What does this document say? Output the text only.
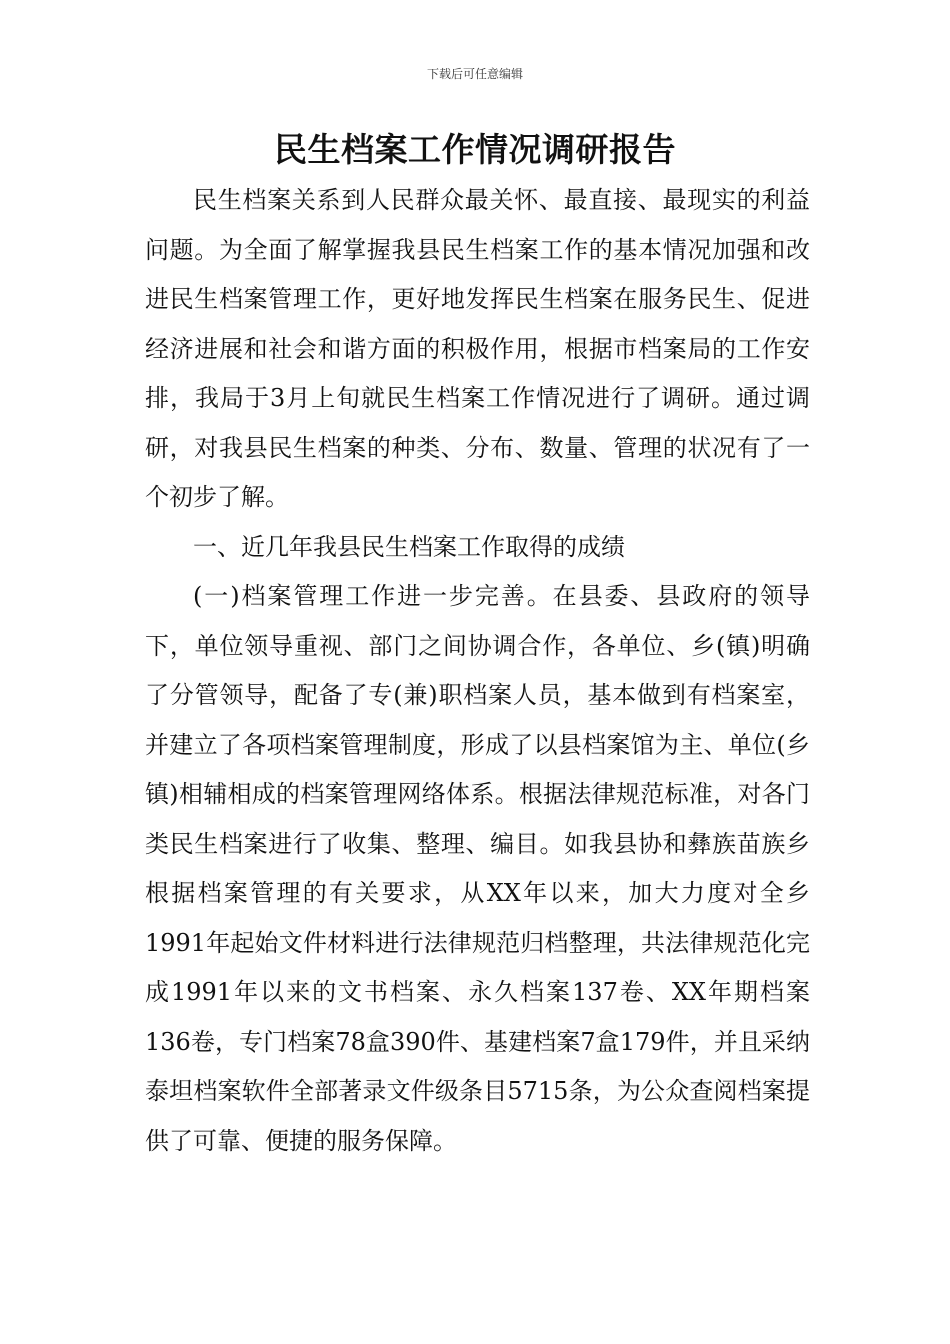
下载后可任意编辑
民生档案工作情况调研报告

民生档案关系到人民群众最关怀、最直接、最现实的利益问题。为全面了解掌握我县民生档案工作的基本情况加强和改进民生档案管理工作，更好地发挥民生档案在服务民生、促进经济进展和社会和谐方面的积极作用，根据市档案局的工作安排，我局于3月上旬就民生档案工作情况进行了调研。通过调研，对我县民生档案的种类、分布、数量、管理的状况有了一个初步了解。

一、近几年我县民生档案工作取得的成绩

(一)档案管理工作进一步完善。在县委、县政府的领导下，单位领导重视、部门之间协调合作，各单位、乡(镇)明确了分管领导，配备了专(兼)职档案人员，基本做到有档案室，并建立了各项档案管理制度，形成了以县档案馆为主、单位(乡镇)相辅相成的档案管理网络体系。根据法律规范标准，对各门类民生档案进行了收集、整理、编目。如我县协和彝族苗族乡根据档案管理的有关要求，从XX年以来，加大力度对全乡1991年起始文件材料进行法律规范归档整理，共法律规范化完成1991年以来的文书档案、永久档案137卷、XX年期档案136卷，专门档案78盒390件、基建档案7盒179件，并且采纳泰坦档案软件全部著录文件级条目5715条，为公众查阅档案提供了可靠、便捷的服务保障。
